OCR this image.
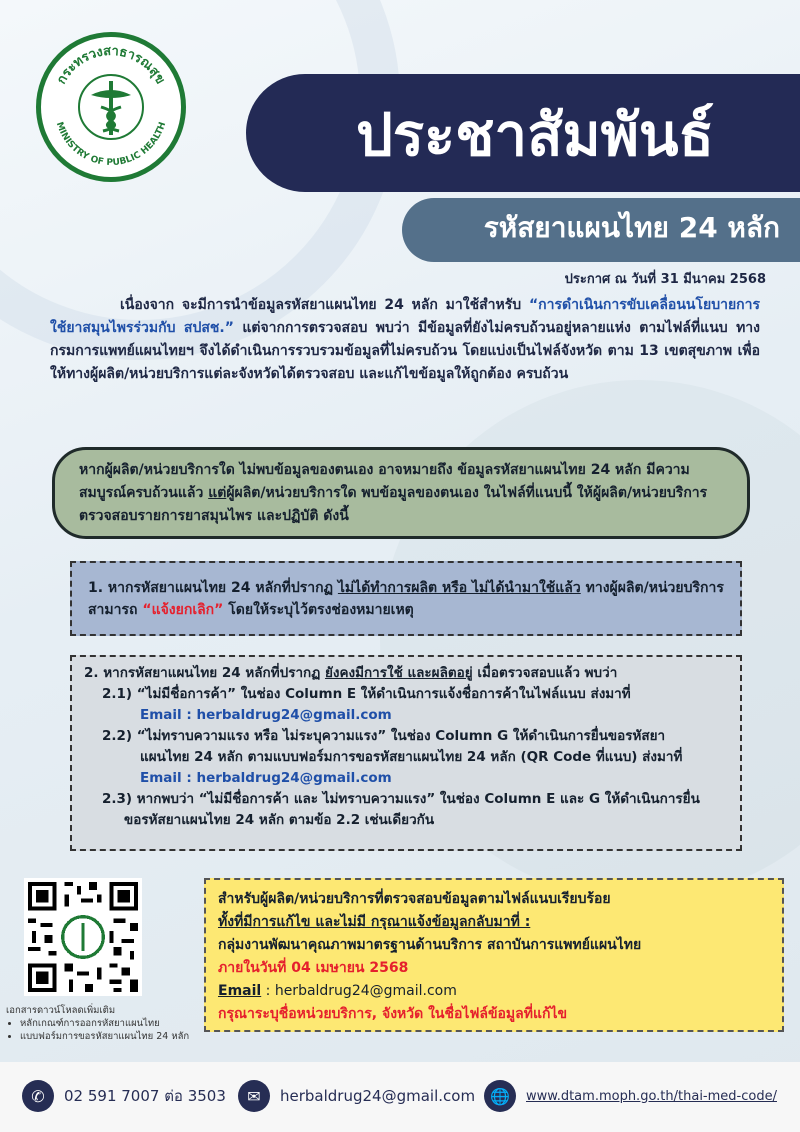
กระทรวงสาธารณสุข
MINISTRY OF PUBLIC HEALTH	ประชาสัมพันธ์
รหัสยาแผนไทย 24 หลัก
ประกาศ ณ วันที่ 31 มีนาคม 2568
เนื่องจาก จะมีการนำข้อมูลรหัสยาแผนไทย 24 หลัก มาใช้สำหรับ “การดำเนินการขับเคลื่อนนโยบายการใช้ยาสมุนไพรร่วมกับ สปสช.” แต่จากการตรวจสอบ พบว่า มีข้อมูลที่ยังไม่ครบถ้วนอยู่หลายแห่ง ตามไฟล์ที่แนบ ทางกรมการแพทย์แผนไทยฯ จึงได้ดำเนินการรวบรวมข้อมูลที่ไม่ครบถ้วน โดยแบ่งเป็นไฟล์จังหวัด ตาม 13 เขตสุขภาพ เพื่อให้ทางผู้ผลิต/หน่วยบริการแต่ละจังหวัดได้ตรวจสอบ และแก้ไขข้อมูลให้ถูกต้อง ครบถ้วน
หากผู้ผลิต/หน่วยบริการใด ไม่พบข้อมูลของตนเอง อาจหมายถึง ข้อมูลรหัสยาแผนไทย 24 หลัก มีความสมบูรณ์ครบถ้วนแล้ว แต่ผู้ผลิต/หน่วยบริการใด พบข้อมูลของตนเอง ในไฟล์ที่แนบนี้ ให้ผู้ผลิต/หน่วยบริการ ตรวจสอบรายการยาสมุนไพร และปฏิบัติ ดังนี้
1. หากรหัสยาแผนไทย 24 หลักที่ปรากฏ ไม่ได้ทำการผลิต หรือ ไม่ได้นำมาใช้แล้ว ทางผู้ผลิต/หน่วยบริการสามารถ “แจ้งยกเลิก” โดยให้ระบุไว้ตรงช่องหมายเหตุ
2. หากรหัสยาแผนไทย 24 หลักที่ปรากฏ ยังคงมีการใช้ และผลิตอยู่ เมื่อตรวจสอบแล้ว พบว่า
2.1) “ไม่มีชื่อการค้า” ในช่อง Column E ให้ดำเนินการแจ้งชื่อการค้าในไฟล์แนบ ส่งมาที่
Email : herbaldrug24@gmail.com
2.2) “ไม่ทราบความแรง หรือ ไม่ระบุความแรง” ในช่อง Column G ให้ดำเนินการยื่นขอรหัสยา
แผนไทย 24 หลัก ตามแบบฟอร์มการขอรหัสยาแผนไทย 24 หลัก (QR Code ที่แนบ) ส่งมาที่
Email : herbaldrug24@gmail.com
2.3) หากพบว่า “ไม่มีชื่อการค้า และ ไม่ทราบความแรง” ในช่อง Column E และ G ให้ดำเนินการยื่น
ขอรหัสยาแผนไทย 24 หลัก ตามข้อ 2.2 เช่นเดียวกัน
เอกสารดาวน์โหลดเพิ่มเติม
• หลักเกณฑ์การออกรหัสยาแผนไทย
• แบบฟอร์มการขอรหัสยาแผนไทย 24 หลัก
สำหรับผู้ผลิต/หน่วยบริการที่ตรวจสอบข้อมูลตามไฟล์แนบเรียบร้อย
ทั้งที่มีการแก้ไข และไม่มี กรุณาแจ้งข้อมูลกลับมาที่ :
กลุ่มงานพัฒนาคุณภาพมาตรฐานด้านบริการ สถาบันการแพทย์แผนไทย
ภายในวันที่ 04 เมษายน 2568
Email : herbaldrug24@gmail.com
กรุณาระบุชื่อหน่วยบริการ, จังหวัด ในชื่อไฟล์ข้อมูลที่แก้ไข
✆	02 591 7007 ต่อ 3503	✉	herbaldrug24@gmail.com 🌐	www.dtam.moph.go.th/thai-med-code/
